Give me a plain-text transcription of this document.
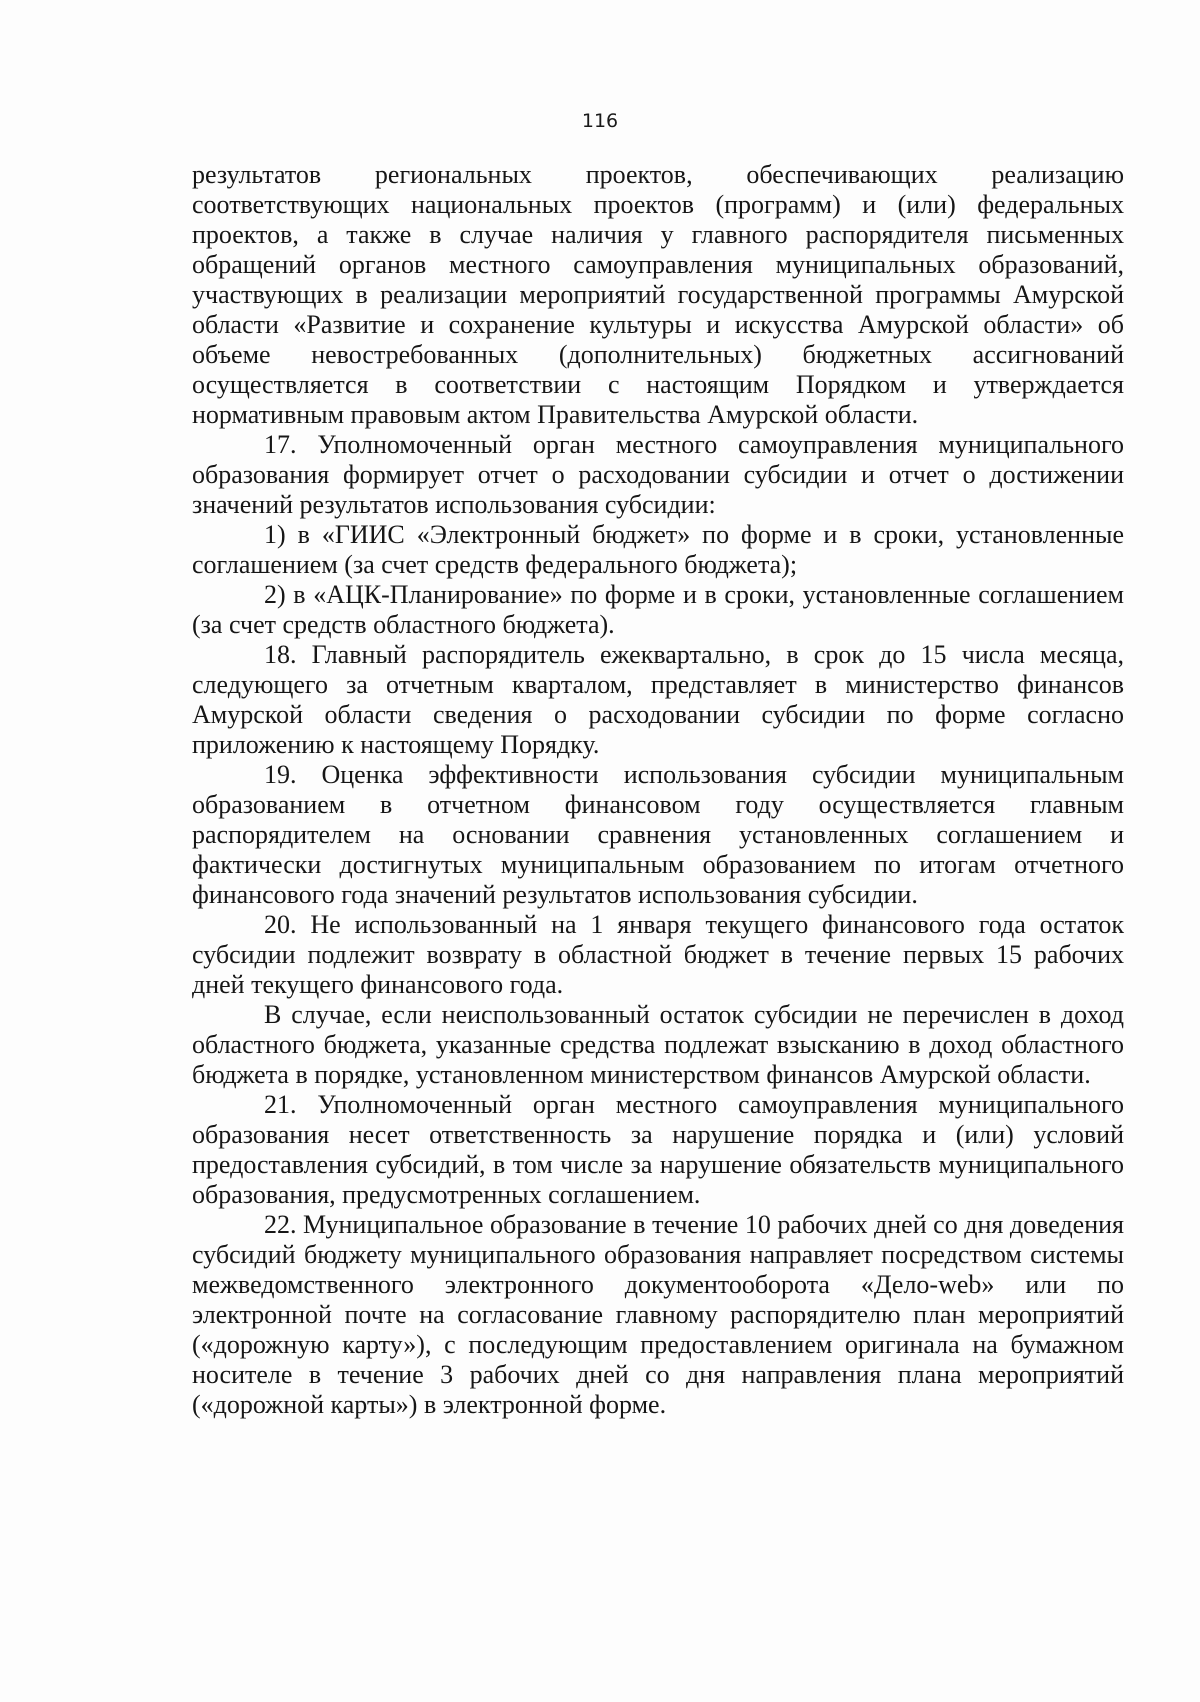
116

результатов региональных проектов, обеспечивающих реализацию соответствующих национальных проектов (программ) и (или) федеральных проектов, а также в случае наличия у главного распорядителя письменных обращений органов местного самоуправления муниципальных образований, участвующих в реализации мероприятий государственной программы Амурской области «Развитие и сохранение культуры и искусства Амурской области» об объеме невостребованных (дополнительных) бюджетных ассигнований осуществляется в соответствии с настоящим Порядком и утверждается нормативным правовым актом Правительства Амурской области.

17. Уполномоченный орган местного самоуправления муниципального образования формирует отчет о расходовании субсидии и отчет о достижении значений результатов использования субсидии:

1) в «ГИИС «Электронный бюджет» по форме и в сроки, установленные соглашением (за счет средств федерального бюджета);

2) в «АЦК-Планирование» по форме и в сроки, установленные соглашением (за счет средств областного бюджета).

18. Главный распорядитель ежеквартально, в срок до 15 числа месяца, следующего за отчетным кварталом, представляет в министерство финансов Амурской области сведения о расходовании субсидии по форме согласно приложению к настоящему Порядку.

19. Оценка эффективности использования субсидии муниципальным образованием в отчетном финансовом году осуществляется главным распорядителем на основании сравнения установленных соглашением и фактически достигнутых муниципальным образованием по итогам отчетного финансового года значений результатов использования субсидии.

20. Не использованный на 1 января текущего финансового года остаток субсидии подлежит возврату в областной бюджет в течение первых 15 рабочих дней текущего финансового года.

В случае, если неиспользованный остаток субсидии не перечислен в доход областного бюджета, указанные средства подлежат взысканию в доход областного бюджета в порядке, установленном министерством финансов Амурской области.

21. Уполномоченный орган местного самоуправления муниципального образования несет ответственность за нарушение порядка и (или) условий предоставления субсидий, в том числе за нарушение обязательств муниципального образования, предусмотренных соглашением.

22. Муниципальное образование в течение 10 рабочих дней со дня доведения субсидий бюджету муниципального образования направляет посредством системы межведомственного электронного документооборота «Дело-web» или по электронной почте на согласование главному распорядителю план мероприятий («дорожную карту»), с последующим предоставлением оригинала на бумажном носителе в течение 3 рабочих дней со дня направления плана мероприятий («дорожной карты») в электронной форме.
